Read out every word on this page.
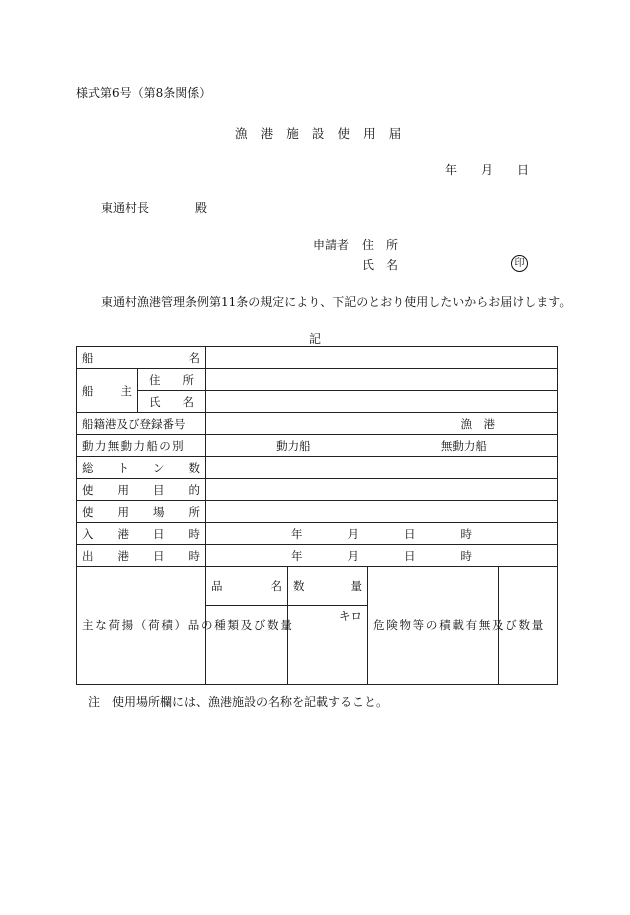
様式第6号（第8条関係）
漁港施設使用届
年 月 日
東通村長	殿
申請者 住　所
氏　名	印
東通村漁港管理条例第11条の規定により、下記のとおり使用したいからお届けします。
記
船 名					

船 主	住 所				

	氏 名				

船籍港及び登録番号		漁　港			
動力無動力船の別		動力船 無動力船			

総 ト ン 数					

使 用 目 的					

使 用 場 所					

入 港 日 時		年 月 日 時			

出 港 日 時		年 月 日 時			

主な荷揚（荷積）品の種類及び数量		品 名	数 量	危険物等の積載有無及び数量	
			キロ		
注　使用場所欄には、漁港施設の名称を記載すること。
